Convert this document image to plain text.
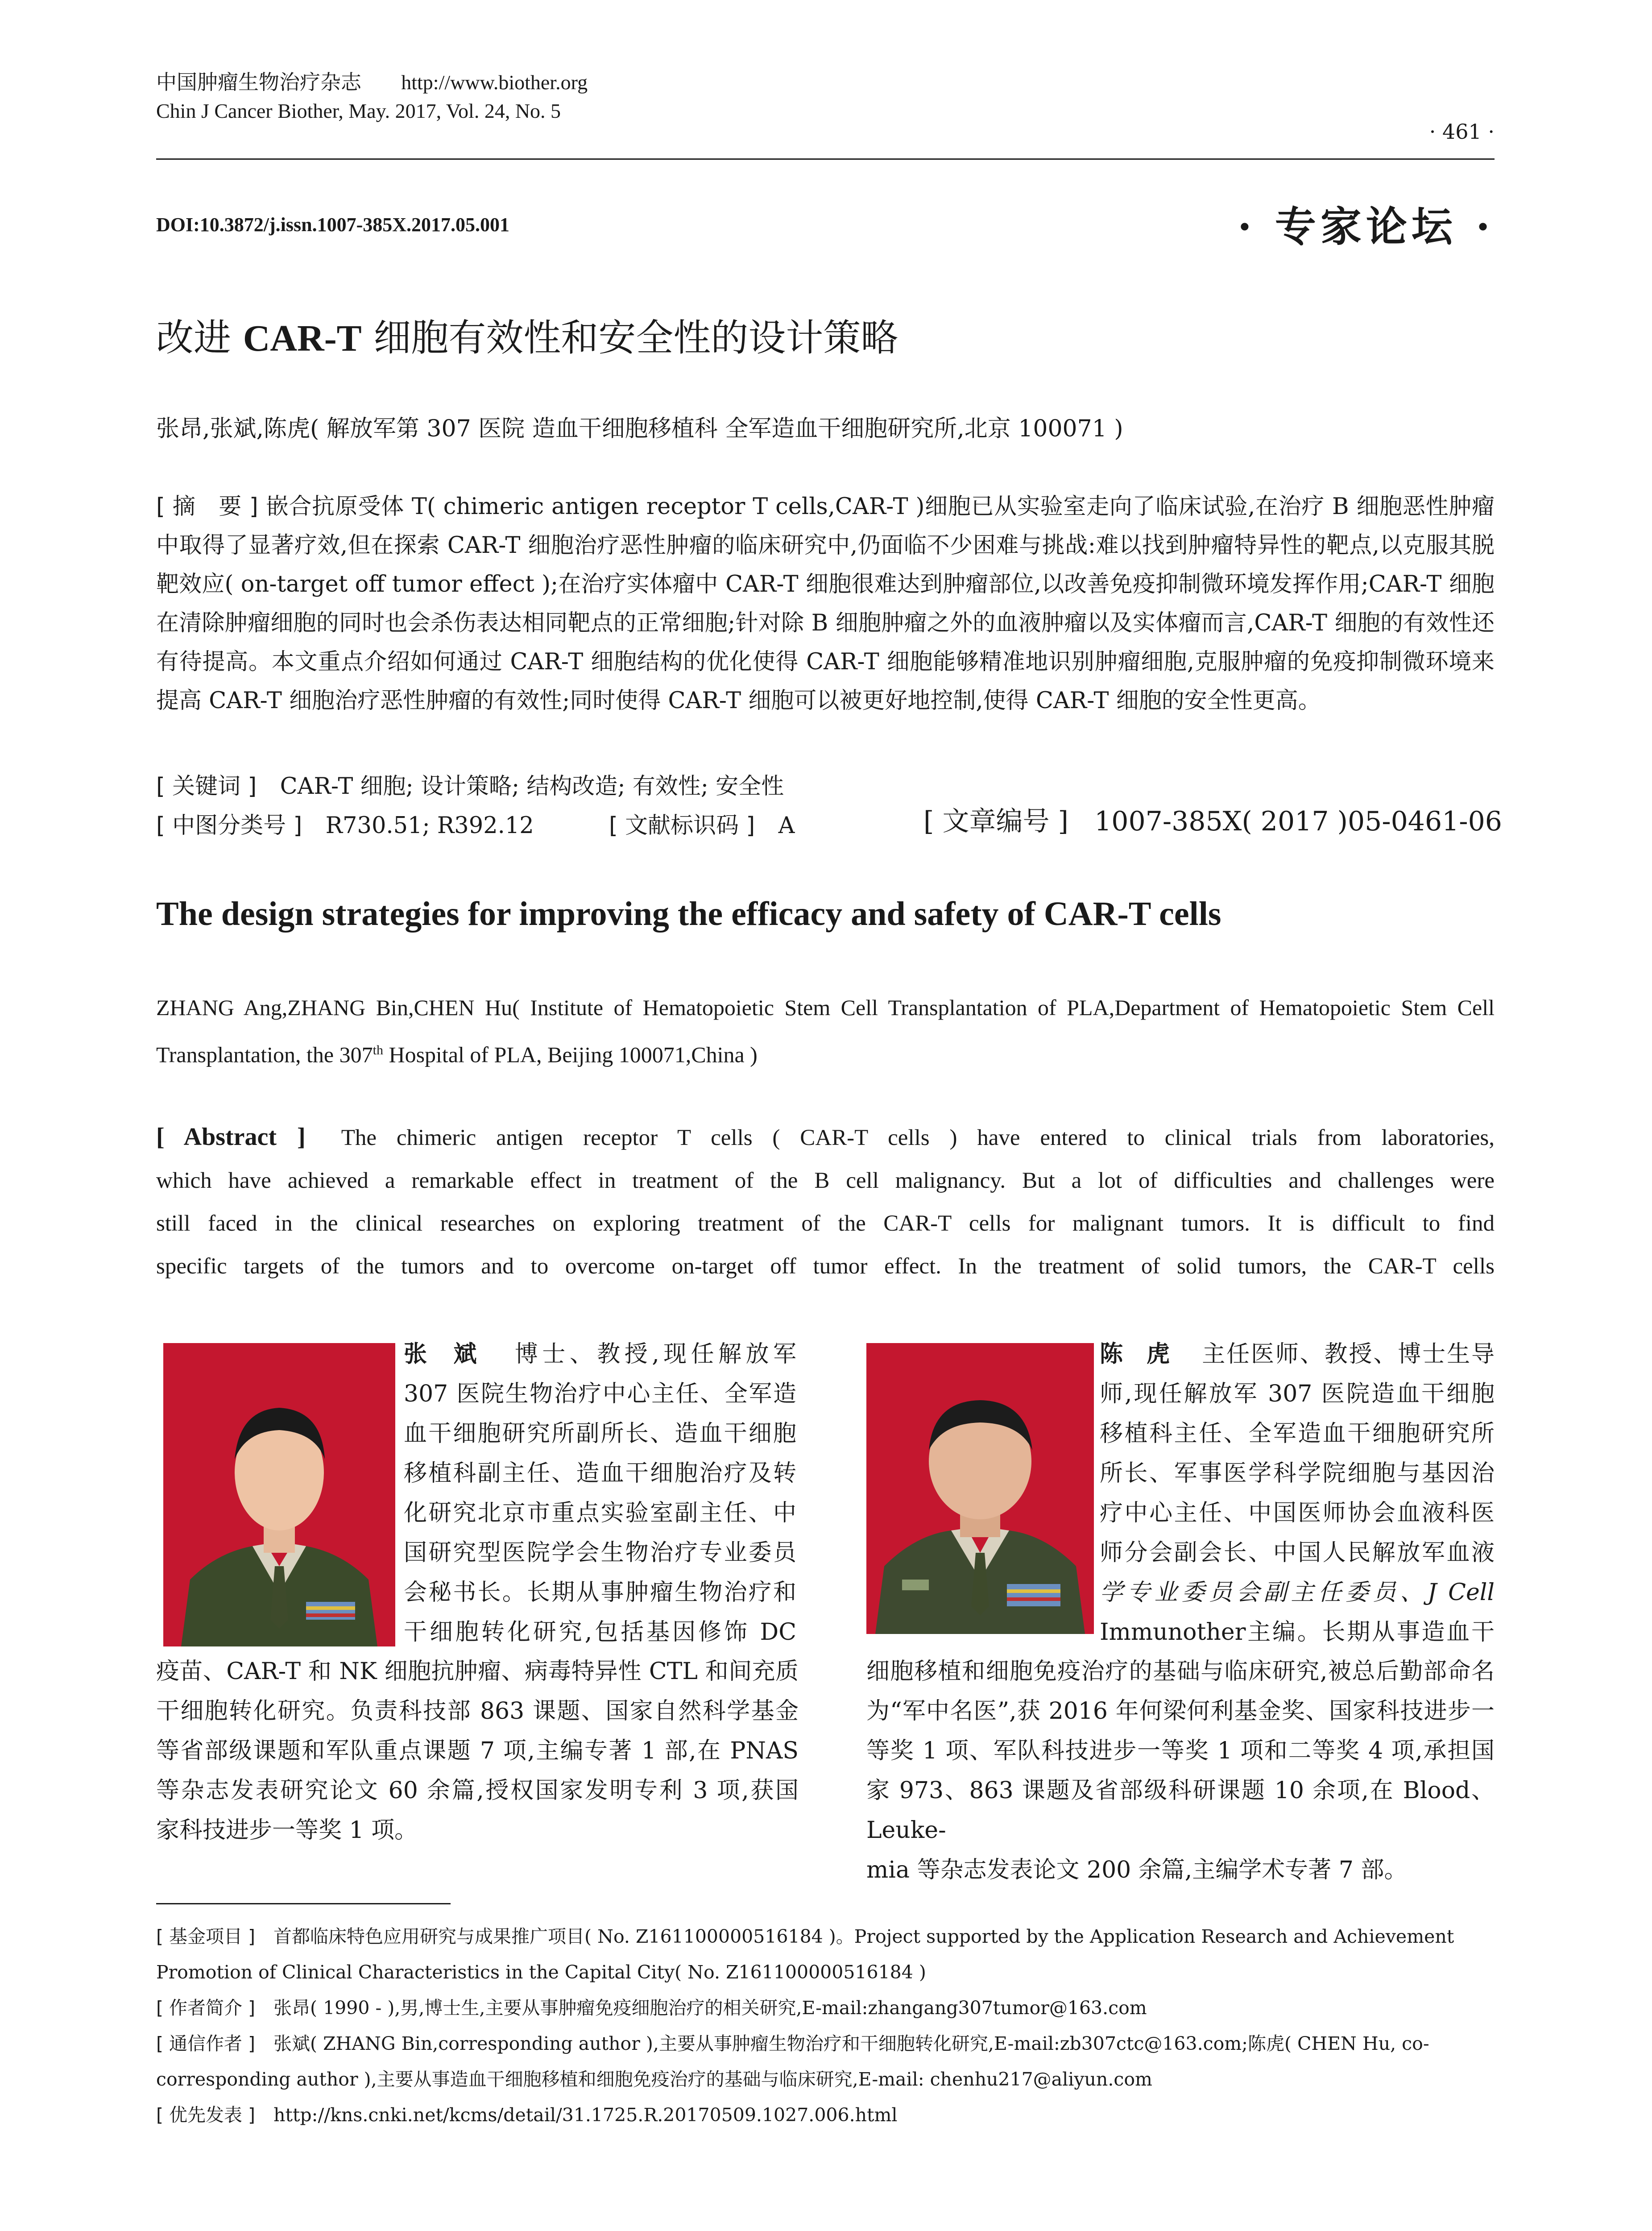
中国肿瘤生物治疗杂志 http://www.biother.org
Chin J Cancer Biother, May. 2017, Vol. 24, No. 5
· 461 ·
DOI:10.3872/j.issn.1007-385X.2017.05.001	· 专家论坛 ·
改进 CAR-T 细胞有效性和安全性的设计策略
张昂,张斌,陈虎( 解放军第 307 医院 造血干细胞移植科 全军造血干细胞研究所,北京 100071 )
[ 摘　要 ] 嵌合抗原受体 T( chimeric antigen receptor T cells,CAR-T )细胞已从实验室走向了临床试验,在治疗 B 细胞恶性肿瘤中取得了显著疗效,但在探索 CAR-T 细胞治疗恶性肿瘤的临床研究中,仍面临不少困难与挑战:难以找到肿瘤特异性的靶点,以克服其脱靶效应( on-target off tumor effect );在治疗实体瘤中 CAR-T 细胞很难达到肿瘤部位,以改善免疫抑制微环境发挥作用;CAR-T 细胞在清除肿瘤细胞的同时也会杀伤表达相同靶点的正常细胞;针对除 B 细胞肿瘤之外的血液肿瘤以及实体瘤而言,CAR-T 细胞的有效性还有待提高。本文重点介绍如何通过 CAR-T 细胞结构的优化使得 CAR-T 细胞能够精准地识别肿瘤细胞,克服肿瘤的免疫抑制微环境来提高 CAR-T 细胞治疗恶性肿瘤的有效性;同时使得 CAR-T 细胞可以被更好地控制,使得 CAR-T 细胞的安全性更高。
[ 关键词 ] CAR-T 细胞; 设计策略; 结构改造; 有效性; 安全性
[ 中图分类号 ] R730.51; R392.12	[ 文献标识码 ] A	[ 文章编号 ] 1007-385X( 2017 )05-0461-06
The design strategies for improving the efficacy and safety of CAR-T cells
ZHANG Ang,ZHANG Bin,CHEN Hu( Institute of Hematopoietic Stem Cell Transplantation of PLA,Department of Hematopoietic Stem Cell Transplantation, the 307th Hospital of PLA, Beijing 100071,China )

[ Abstract ] The chimeric antigen receptor T cells ( CAR-T cells ) have entered to clinical trials from laboratories,

which have achieved a remarkable effect in treatment of the B cell malignancy. But a lot of difficulties and challenges were

still faced in the clinical researches on exploring treatment of the CAR-T cells for malignant tumors. It is difficult to find

specific targets of the tumors and to overcome on-target off tumor effect. In the treatment of solid tumors, the CAR-T cells

张斌 博士、教授,现任解放军
307 医院生物治疗中心主任、全军造
血干细胞研究所副所长、造血干细胞
移植科副主任、造血干细胞治疗及转
化研究北京市重点实验室副主任、中
国研究型医院学会生物治疗专业委员
会秘书长。长期从事肿瘤生物治疗和
干细胞转化研究,包括基因修饰 DC
疫苗、CAR-T 和 NK 细胞抗肿瘤、病毒特异性 CTL 和间充质
干细胞转化研究。负责科技部 863 课题、国家自然科学基金
等省部级课题和军队重点课题 7 项,主编专著 1 部,在 PNAS
等杂志发表研究论文 60 余篇,授权国家发明专利 3 项,获国
家科技进步一等奖 1 项。
陈虎 主任医师、教授、博士生导
师,现任解放军 307 医院造血干细胞
移植科主任、全军造血干细胞研究所
所长、军事医学科学院细胞与基因治
疗中心主任、中国医师协会血液科医
师分会副会长、中国人民解放军血液
学专业委员会副主任委员、J Cell
Immunother主编。长期从事造血干
细胞移植和细胞免疫治疗的基础与临床研究,被总后勤部命名
为“军中名医”,获 2016 年何梁何利基金奖、国家科技进步一
等奖 1 项、军队科技进步一等奖 1 项和二等奖 4 项,承担国
家 973、863 课题及省部级科研课题 10 余项,在 Blood、Leuke-
mia 等杂志发表论文 200 余篇,主编学术专著 7 部。

[ 基金项目 ]　 首都临床特色应用研究与成果推广项目( No. Z161100000516184 )。Project supported by the Application Research and Achievement Promotion of Clinical Characteristics in the Capital City( No. Z161100000516184 )

[ 作者简介 ]　 张昂( 1990 - ),男,博士生,主要从事肿瘤免疫细胞治疗的相关研究,E-mail:zhangang307tumor@163.com

[ 通信作者 ]　 张斌( ZHANG Bin,corresponding author ),主要从事肿瘤生物治疗和干细胞转化研究,E-mail:zb307ctc@163.com;陈虎( CHEN Hu, co-corresponding author ),主要从事造血干细胞移植和细胞免疫治疗的基础与临床研究,E-mail: chenhu217@aliyun.com

[ 优先发表 ]　 http://kns.cnki.net/kcms/detail/31.1725.R.20170509.1027.006.html
